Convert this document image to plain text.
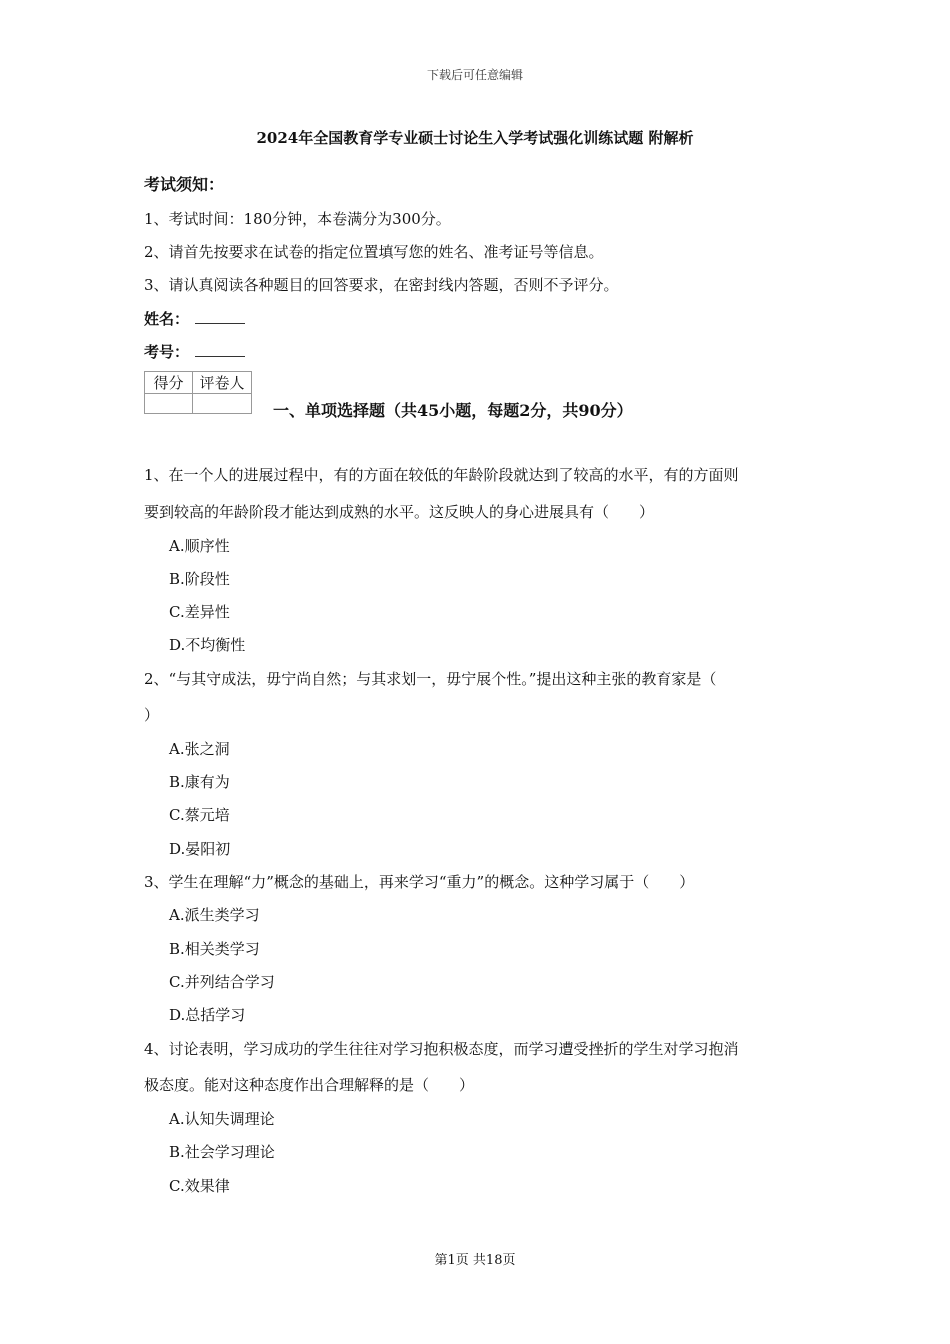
下载后可任意编辑
2024年全国教育学专业硕士讨论生入学考试强化训练试题 附解析
考试须知：
1、考试时间：180分钟，本卷满分为300分。
2、请首先按要求在试卷的指定位置填写您的姓名、准考证号等信息。
3、请认真阅读各种题目的回答要求，在密封线内答题，否则不予评分。
姓名：
考号：
得分	评卷人

一、单项选择题（共45小题，每题2分，共90分）
1、在一个人的进展过程中，有的方面在较低的年龄阶段就达到了较高的水平，有的方面则
要到较高的年龄阶段才能达到成熟的水平。这反映人的身心进展具有（　　）
A.顺序性
B.阶段性
C.差异性
D.不均衡性
2、“与其守成法，毋宁尚自然；与其求划一，毋宁展个性。”提出这种主张的教育家是（
）
A.张之洞
B.康有为
C.蔡元培
D.晏阳初
3、学生在理解“力”概念的基础上，再来学习“重力”的概念。这种学习属于（　　）
A.派生类学习
B.相关类学习
C.并列结合学习
D.总括学习
4、讨论表明，学习成功的学生往往对学习抱积极态度，而学习遭受挫折的学生对学习抱消
极态度。能对这种态度作出合理解释的是（　　）
A.认知失调理论
B.社会学习理论
C.效果律
第1页 共18页
